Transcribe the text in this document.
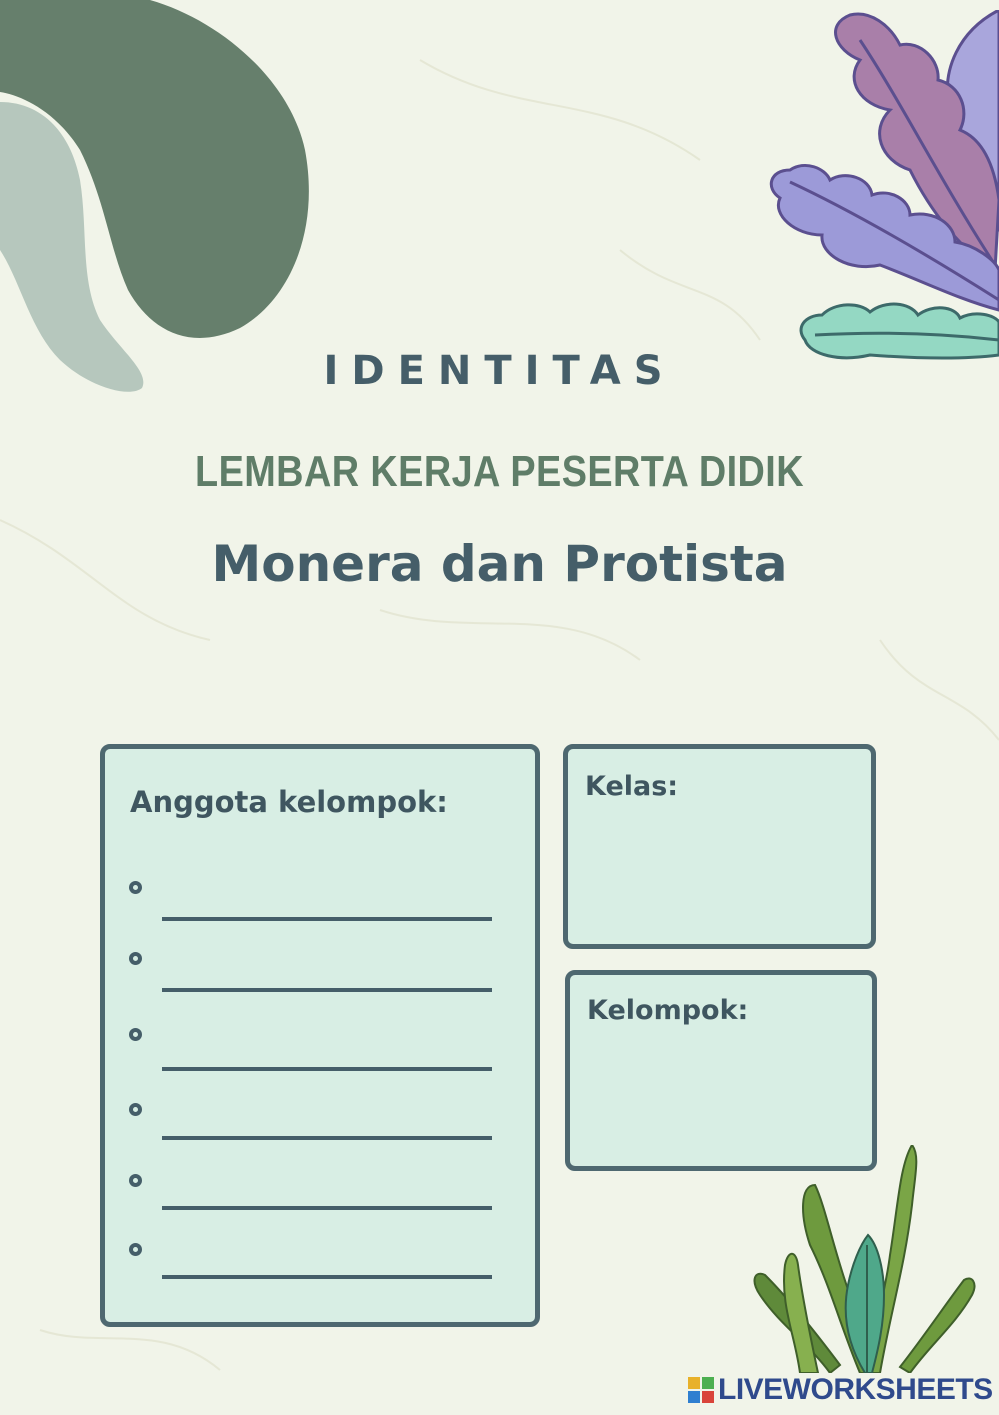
IDENTITAS
LEMBAR KERJA PESERTA DIDIK
Monera dan Protista

Anggota kelompok:	Kelas:

Kelompok:

LIVEWORKSHEETS
